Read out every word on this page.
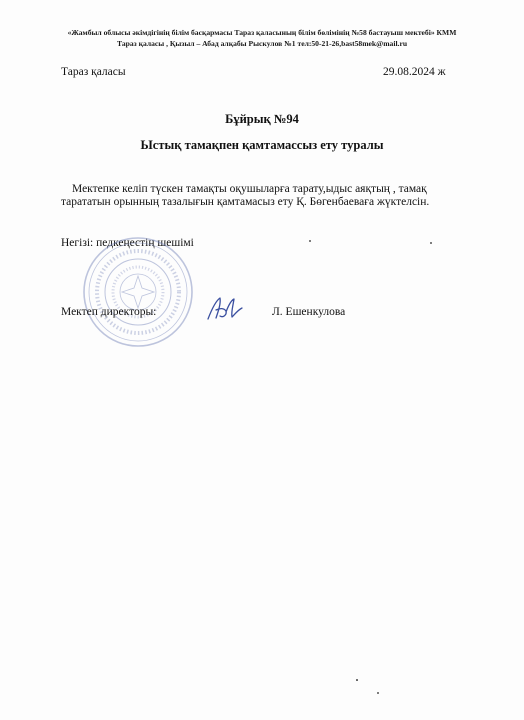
«Жамбыл облысы әкімдігінің білім басқармасы Тараз қаласының білім бөлімінің №58 бастауыш мектебі» КММ
Тараз қаласы , Қызыл – Абад алқабы Рыскулов №1 тел:50-21-26,bast58mek@mail.ru
Тараз қаласы	29.08.2024 ж
Бұйрық №94
Ыстық тамақпен қамтамассыз ету туралы
Мектепке келіп түскен тамақты оқушыларға тарату,ыдыс аяқтың , тамақ
тарататын орынның тазалығын қамтамасыз ету Қ. Бөгенбаевағa жүктелсін.
Негізі: педкеңестің шешімі
Мектеп директоры:	Л. Ешенкулова
